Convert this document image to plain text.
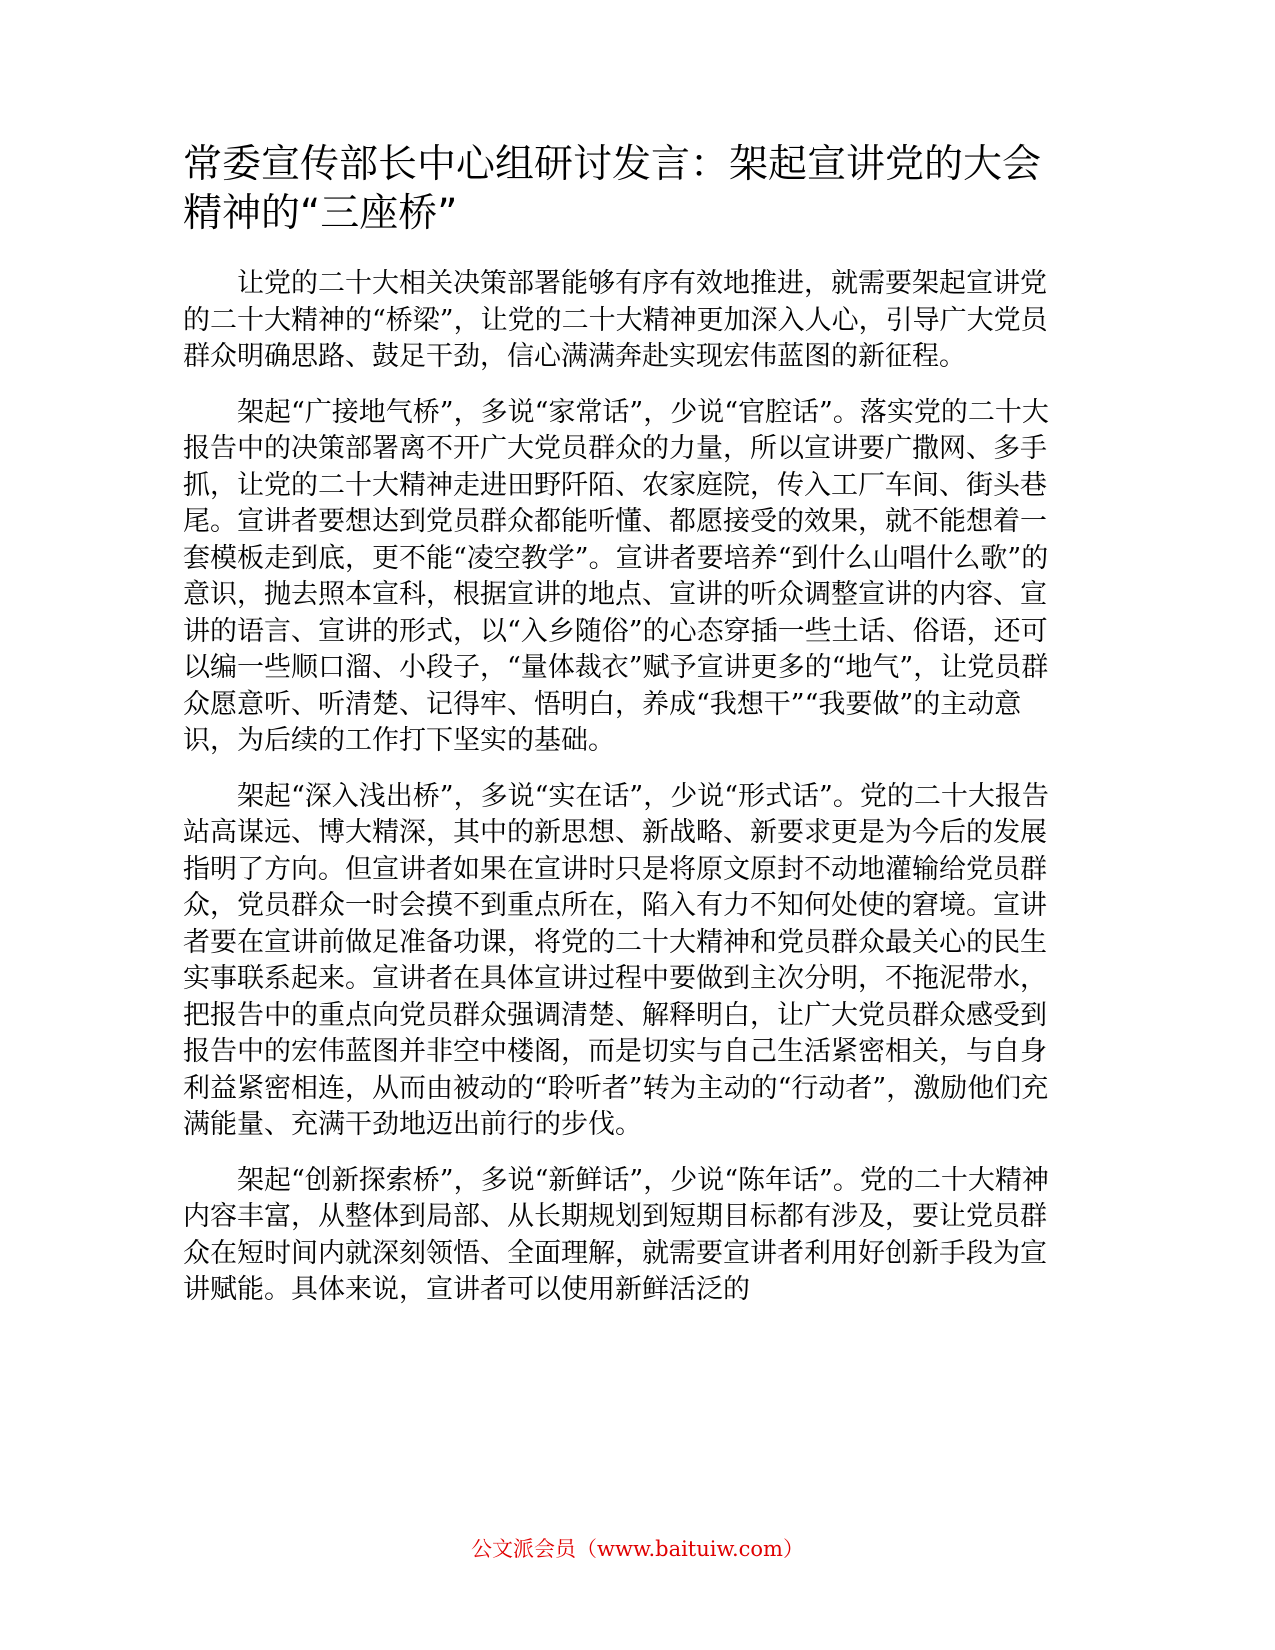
常委宣传部长中心组研讨发言：架起宣讲党的大会精神的“三座桥”

让党的二十大相关决策部署能够有序有效地推进，就需要架起宣讲党的二十大精神的“桥梁”，让党的二十大精神更加深入人心，引导广大党员群众明确思路、鼓足干劲，信心满满奔赴实现宏伟蓝图的新征程。

架起“广接地气桥”，多说“家常话”，少说“官腔话”。落实党的二十大报告中的决策部署离不开广大党员群众的力量，所以宣讲要广撒网、多手抓，让党的二十大精神走进田野阡陌、农家庭院，传入工厂车间、街头巷尾。宣讲者要想达到党员群众都能听懂、都愿接受的效果，就不能想着一套模板走到底，更不能“凌空教学”。宣讲者要培养“到什么山唱什么歌”的意识，抛去照本宣科，根据宣讲的地点、宣讲的听众调整宣讲的内容、宣讲的语言、宣讲的形式，以“入乡随俗”的心态穿插一些土话、俗语，还可以编一些顺口溜、小段子，“量体裁衣”赋予宣讲更多的“地气”，让党员群众愿意听、听清楚、记得牢、悟明白，养成“我想干”“我要做”的主动意识，为后续的工作打下坚实的基础。

架起“深入浅出桥”，多说“实在话”，少说“形式话”。党的二十大报告站高谋远、博大精深，其中的新思想、新战略、新要求更是为今后的发展指明了方向。但宣讲者如果在宣讲时只是将原文原封不动地灌输给党员群众，党员群众一时会摸不到重点所在，陷入有力不知何处使的窘境。宣讲者要在宣讲前做足准备功课，将党的二十大精神和党员群众最关心的民生实事联系起来。宣讲者在具体宣讲过程中要做到主次分明，不拖泥带水，把报告中的重点向党员群众强调清楚、解释明白，让广大党员群众感受到报告中的宏伟蓝图并非空中楼阁，而是切实与自己生活紧密相关，与自身利益紧密相连，从而由被动的“聆听者”转为主动的“行动者”，激励他们充满能量、充满干劲地迈出前行的步伐。

架起“创新探索桥”，多说“新鲜话”，少说“陈年话”。党的二十大精神内容丰富，从整体到局部、从长期规划到短期目标都有涉及，要让党员群众在短时间内就深刻领悟、全面理解，就需要宣讲者利用好创新手段为宣讲赋能。具体来说，宣讲者可以使用新鲜活泛的

公文派会员（www.baituiw.com）
